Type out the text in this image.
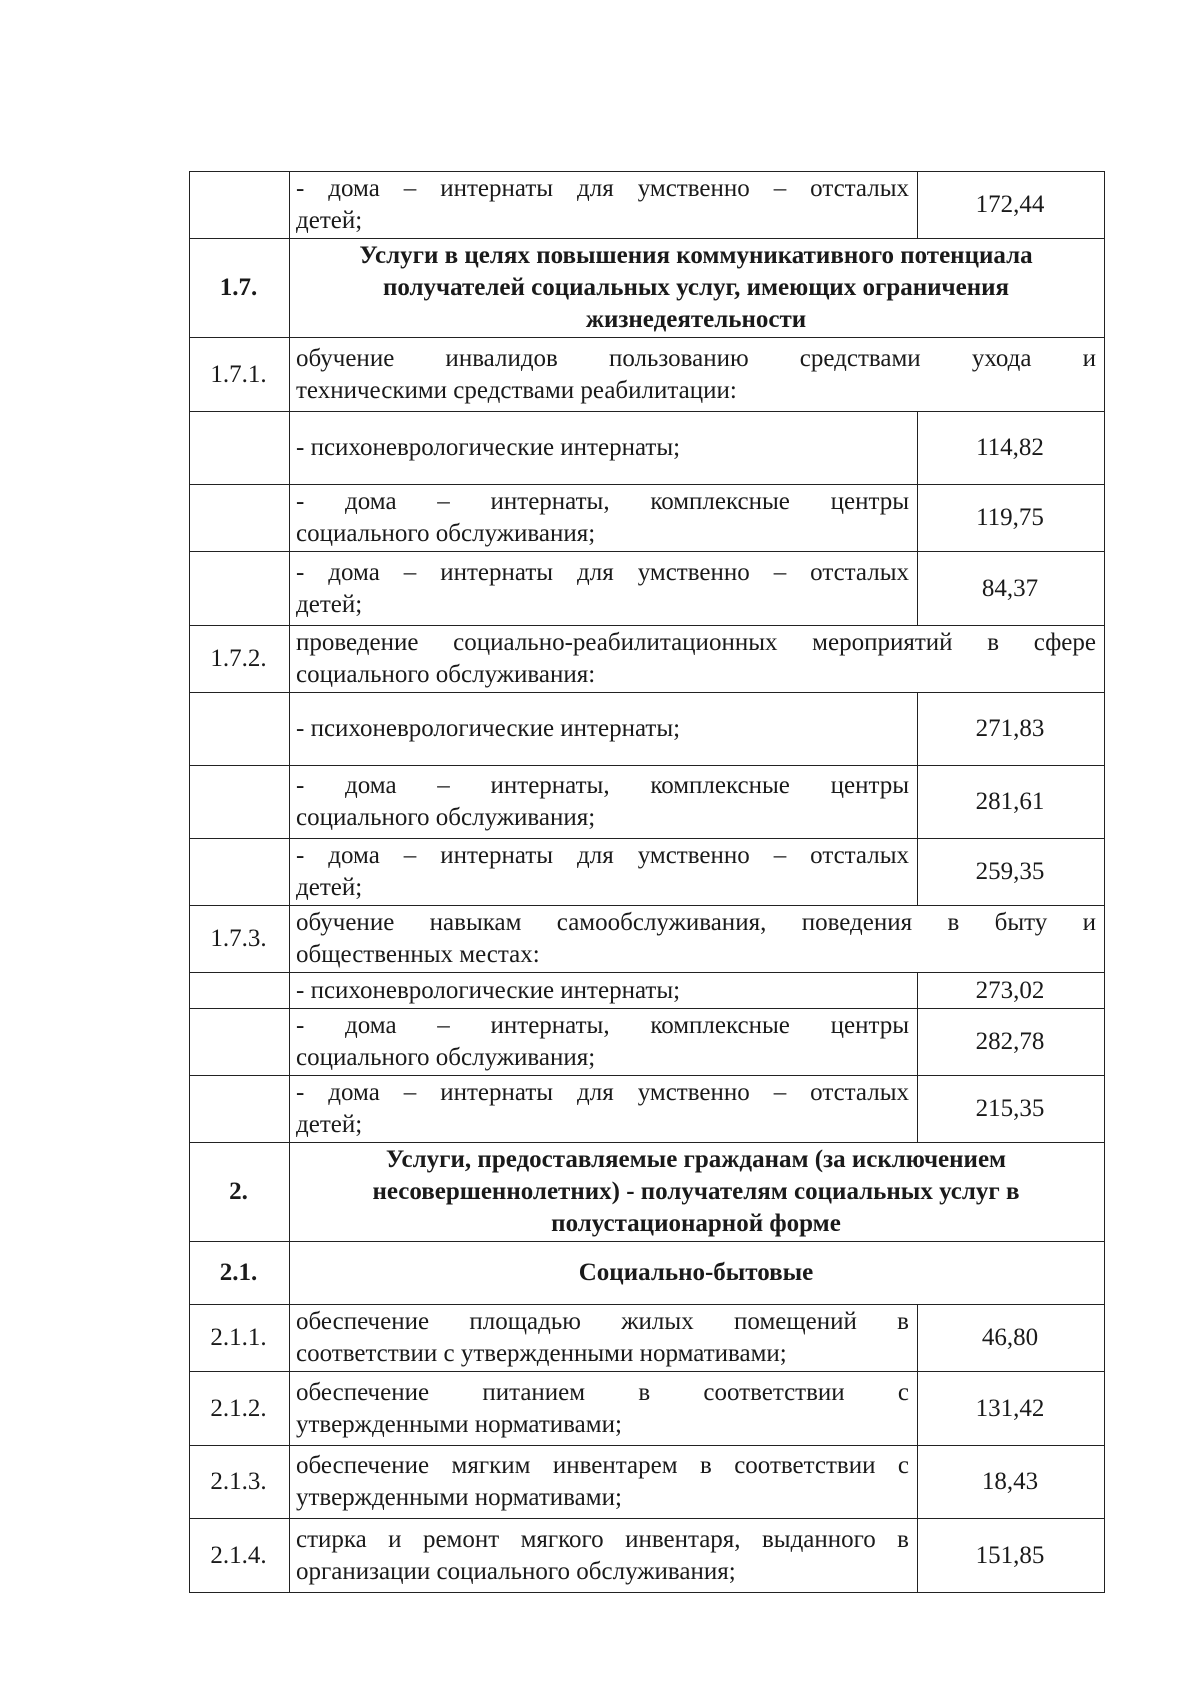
	- дома – интернаты для умственно – отсталых
детей;	172,44
1.7.	Услуги в целях повышения коммуникативного потенциала
получателей социальных услуг, имеющих ограничения
жизнедеятельности	

1.7.1.	обучение инвалидов пользованию средствами ухода и
техническими средствами реабилитации:	

	- психоневрологические интернаты;	114,82

	- дома – интернаты, комплексные центры
социального обслуживания;	119,75

	- дома – интернаты для умственно – отсталых
детей;	84,37
1.7.2.	проведение социально-реабилитационных мероприятий в сфере
социального обслуживания:	

	- психоневрологические интернаты;	271,83

	- дома – интернаты, комплексные центры
социального обслуживания;	281,61

	- дома – интернаты для умственно – отсталых
детей;	259,35
1.7.3.	обучение навыкам самообслуживания, поведения в быту и
общественных местах:	

	- психоневрологические интернаты;	273,02

	- дома – интернаты, комплексные центры
социального обслуживания;	282,78

	- дома – интернаты для умственно – отсталых
детей;	215,35
2.	Услуги, предоставляемые гражданам (за исключением
несовершеннолетних) - получателям социальных услуг в
полустационарной форме	

2.1.	Социально-бытовые	

2.1.1.	обеспечение площадью жилых помещений в
соответствии с утвержденными нормативами;	46,80
2.1.2.	обеспечение питанием в соответствии с
утвержденными нормативами;	131,42
2.1.3.	обеспечение мягким инвентарем в соответствии с
утвержденными нормативами;	18,43
2.1.4.	стирка и ремонт мягкого инвентаря, выданного в
организации социального обслуживания;	151,85
